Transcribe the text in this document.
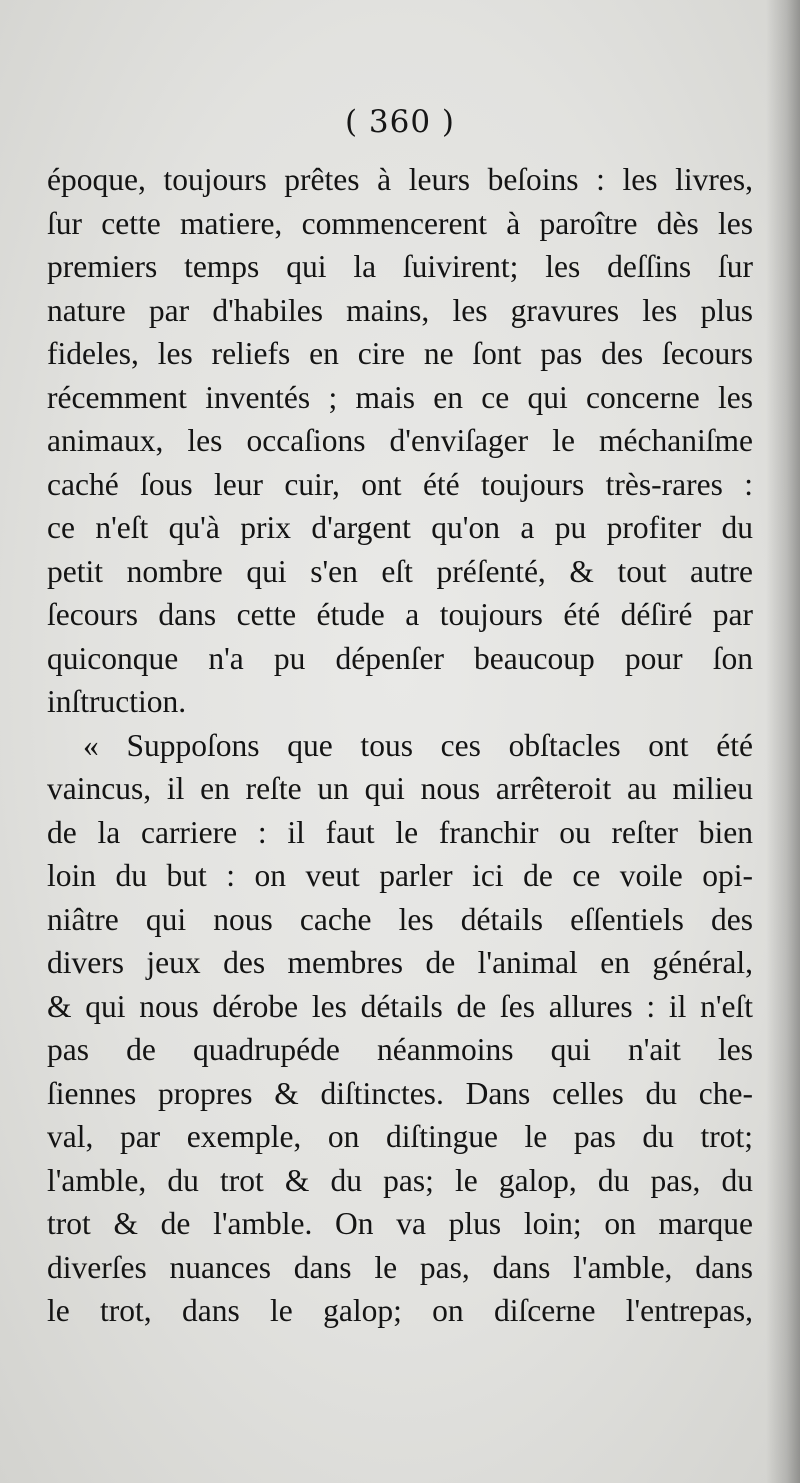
( 360 )
époque, toujours prêtes à leurs beſoins : les livres,
ſur cette matiere, commencerent à paroître dès les
premiers temps qui la ſuivirent; les deſſins ſur
nature par d'habiles mains, les gravures les plus
fideles, les reliefs en cire ne ſont pas des ſecours
récemment inventés ; mais en ce qui concerne les
animaux, les occaſions d'enviſager le méchaniſme
caché ſous leur cuir, ont été toujours très-rares :
ce n'eſt qu'à prix d'argent qu'on a pu profiter du
petit nombre qui s'en eſt préſenté, & tout autre
ſecours dans cette étude a toujours été déſiré par
quiconque n'a pu dépenſer beaucoup pour ſon
inſtruction.
« Suppoſons que tous ces obſtacles ont été
vaincus, il en reſte un qui nous arrêteroit au milieu
de la carriere : il faut le franchir ou reſter bien
loin du but : on veut parler ici de ce voile opi-
niâtre qui nous cache les détails eſſentiels des
divers jeux des membres de l'animal en général,
& qui nous dérobe les détails de ſes allures : il n'eſt
pas de quadrupéde néanmoins qui n'ait les
ſiennes propres & diſtinctes. Dans celles du che-
val, par exemple, on diſtingue le pas du trot;
l'amble, du trot & du pas; le galop, du pas, du
trot & de l'amble. On va plus loin; on marque
diverſes nuances dans le pas, dans l'amble, dans
le trot, dans le galop; on diſcerne l'entrepas,
